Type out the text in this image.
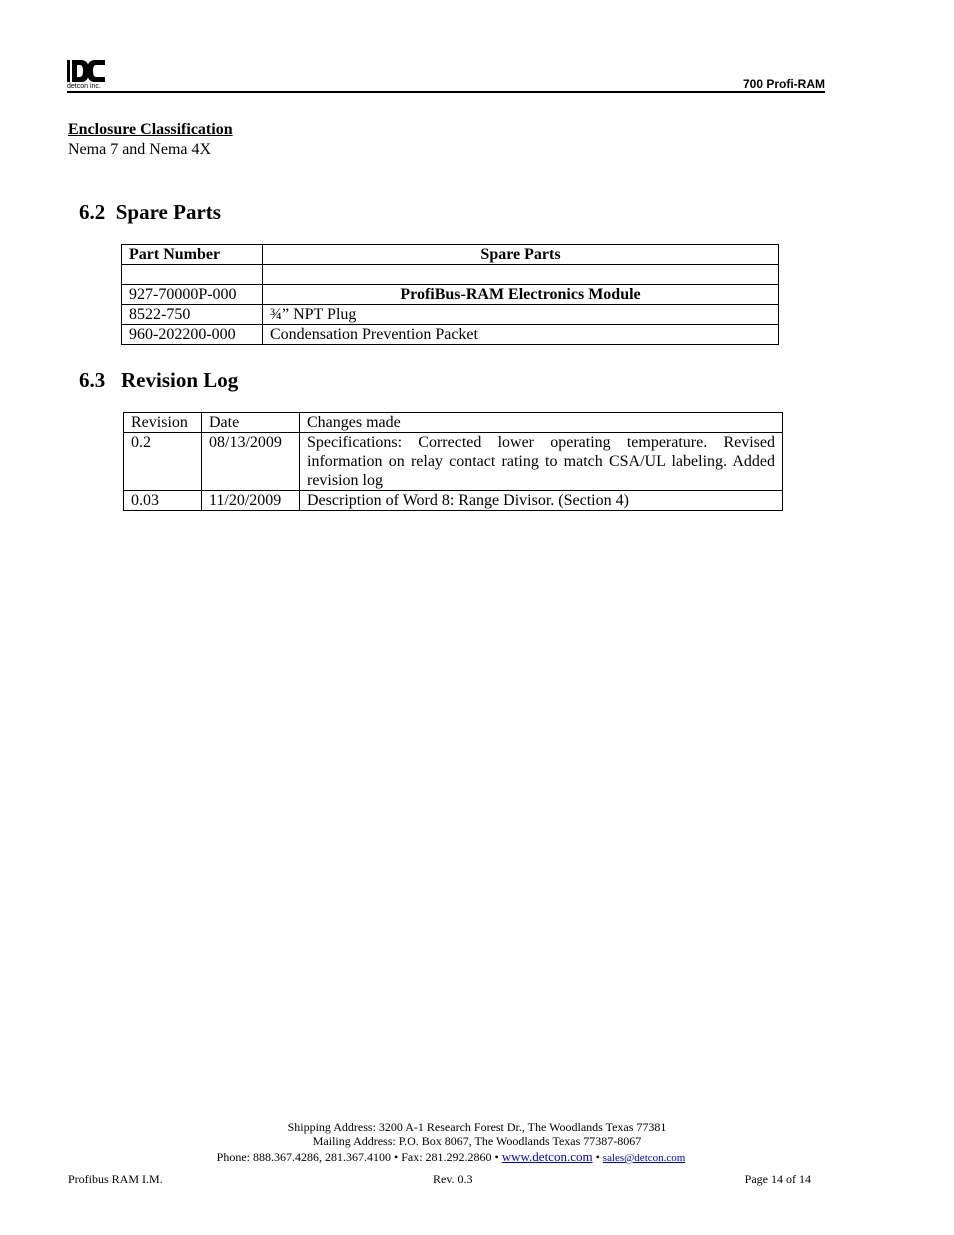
detcon inc.	700 Profi-RAM
Enclosure Classification
Nema 7 and Nema 4X
6.2 Spare Parts
Part Number	Spare Parts

927-70000P-000	ProfiBus-RAM Electronics Module
8522-750	¾” NPT Plug
960-202200-000	Condensation Prevention Packet
6.3 Revision Log
Revision	Date	Changes made
0.2	08/13/2009	Specifications: Corrected lower operating temperature. Revised information on relay contact rating to match CSA/UL labeling. Added revision log
0.03	11/20/2009	Description of Word 8: Range Divisor. (Section 4)
Shipping Address: 3200 A-1 Research Forest Dr., The Woodlands Texas 77381
Mailing Address: P.O. Box 8067, The Woodlands Texas 77387-8067
Phone: 888.367.4286, 281.367.4100 • Fax: 281.292.2860 • www.detcon.com • sales@detcon.com
Profibus RAM I.M.	Rev. 0.3	Page 14 of 14
